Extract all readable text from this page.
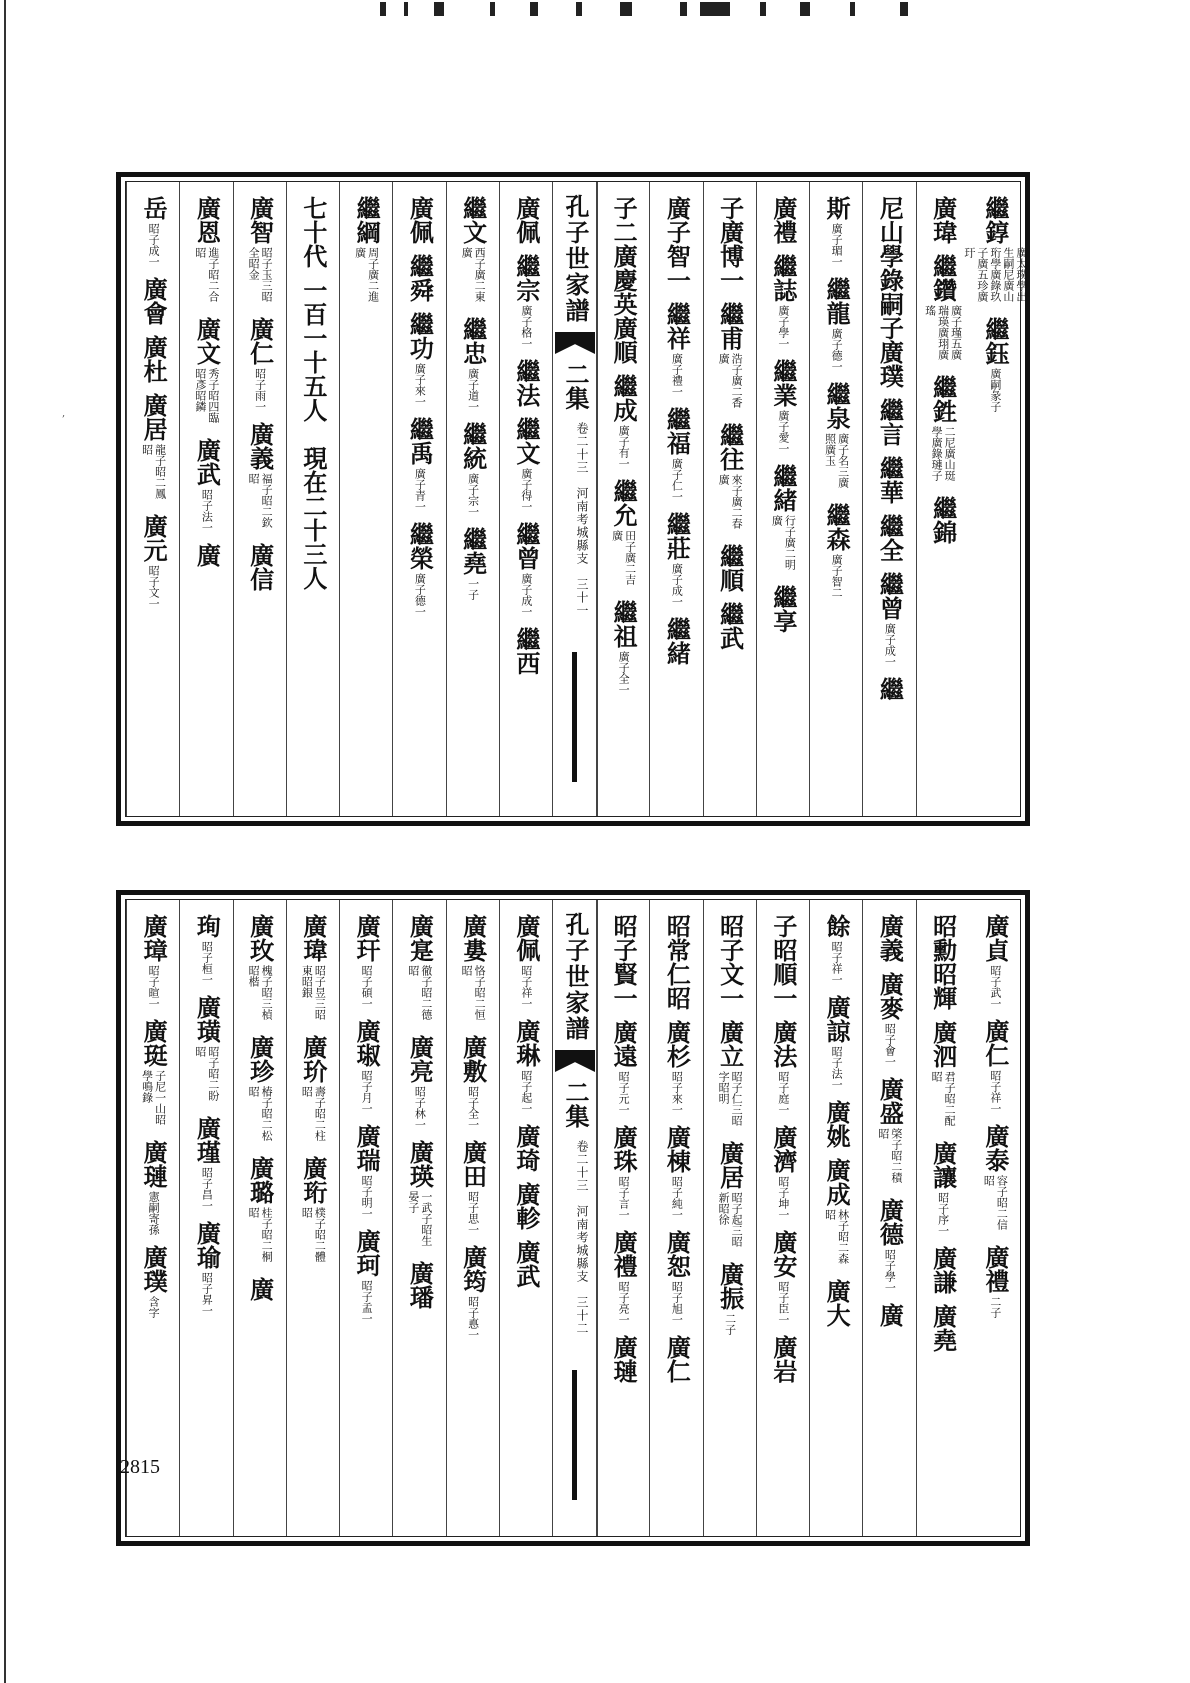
繼錞
廣太璞學出生嗣尼廣山珩學廣錄玖子廣五珍廣玗
繼鈺
廣嗣彖子
廣瑋
繼鑽
廣子瑾五廣瑞瑛廣珝廣瑤
繼鉎
二尼廣山珽學廣錄璉子
繼錦
尼山學錄嗣子廣璞
繼言
繼華
繼全
繼曾
廣子成一
繼
斯
廣子瑂一
繼龍
廣子德一
繼泉
廣子名三廣照廣玉
繼森
廣子智二
廣禮
繼誌
廣子學一
繼業
廣子愛一
繼緒
行子廣二明廣
繼享
子廣博一
繼甫
浩子廣二香廣
繼往
來子廣二春廣
繼順
繼武
廣子智一
繼祥
廣子禮一
繼福
廣子仁一
繼莊
廣子成一
繼緒
子二廣慶英廣順
繼成
廣子有一
繼允
田子廣二吉廣
繼祖
廣子全一
孔子世家譜
二集
卷二十三　河南考城縣支　三十一
廣佩
繼宗
廣子格一
繼法
繼文
廣子得一
繼曾
廣子成一
繼西
繼文
西子廣二東廣
繼忠
廣子道一
繼統
廣子宗一
繼堯
一子
廣佩
繼舜
繼功
廣子來一
繼禹
廣子青一
繼榮
廣子德一
繼綱
周子廣二進廣
七十代
一百一十五人　現在二十三人
廣智
昭子玉三昭全昭金
廣仁
昭子雨一
廣義
福子昭二欽昭
廣信
廣恩
進子昭二合昭
廣文
秀子昭四臨昭彥昭鏻
廣武
昭子法一
廣
岳
昭子成一
廣會
廣杜
廣居
龍子昭二鳳昭
廣元
昭子文一
廣貞
昭子武一
廣仁
昭子祥一
廣泰
容子昭二信昭
廣禮
二子
昭勳昭輝
廣泗
君子昭二配昭
廣讓
昭子序一
廣謙
廣堯
廣義
廣麥
昭子會一
廣盛
棨子昭二積昭
廣德
昭子學一
廣
餘
昭子祥一
廣諒
昭子法一
廣姚
廣成
林子昭二森昭
廣大
子昭順一
廣法
昭子庭一
廣濟
昭子坤一
廣安
昭子臣一
廣岩
昭子文一
廣立
昭子仁三昭字昭明
廣居
昭子起三昭新昭徐
廣振
二子
昭常仁昭
廣杉
昭子來一
廣棟
昭子純一
廣恕
昭子旭一
廣仁
昭子賢一
廣遠
昭子元一
廣珠
昭子言一
廣禮
昭子亮一
廣璉
孔子世家譜
二集
卷二十三　河南考城縣支　三十二
廣佩
昭子祥一
廣琳
昭子起一
廣琦
廣軫
廣武
廣婁
恪子昭二恒昭
廣敷
昭子全一
廣田
昭子思一
廣筠
昭子悳一
廣寔
徹子昭二德昭
廣亮
昭子林一
廣瑛
一武子昭生晏子
廣璠
廣玕
昭子碩一
廣琡
昭子月一
廣瑞
昭子明一
廣珂
昭子孟一
廣瑋
昭子昱三昭東昭銀
廣玠
壽子昭二柱昭
廣珩
樸子昭二體昭
廣玫
槐子昭三楨昭楷
廣珍
椿子昭二松昭
廣璐
桂子昭二桐昭
廣
珣
昭子桓一
廣璜
昭子昭二盼昭
廣瑾
昭子昌一
廣瑜
昭子昇一
廣璋
昭子暄一
廣珽
子尼一山昭學鳴錄
廣璉
憲嗣寄孫
廣璞
含字
2815
,
